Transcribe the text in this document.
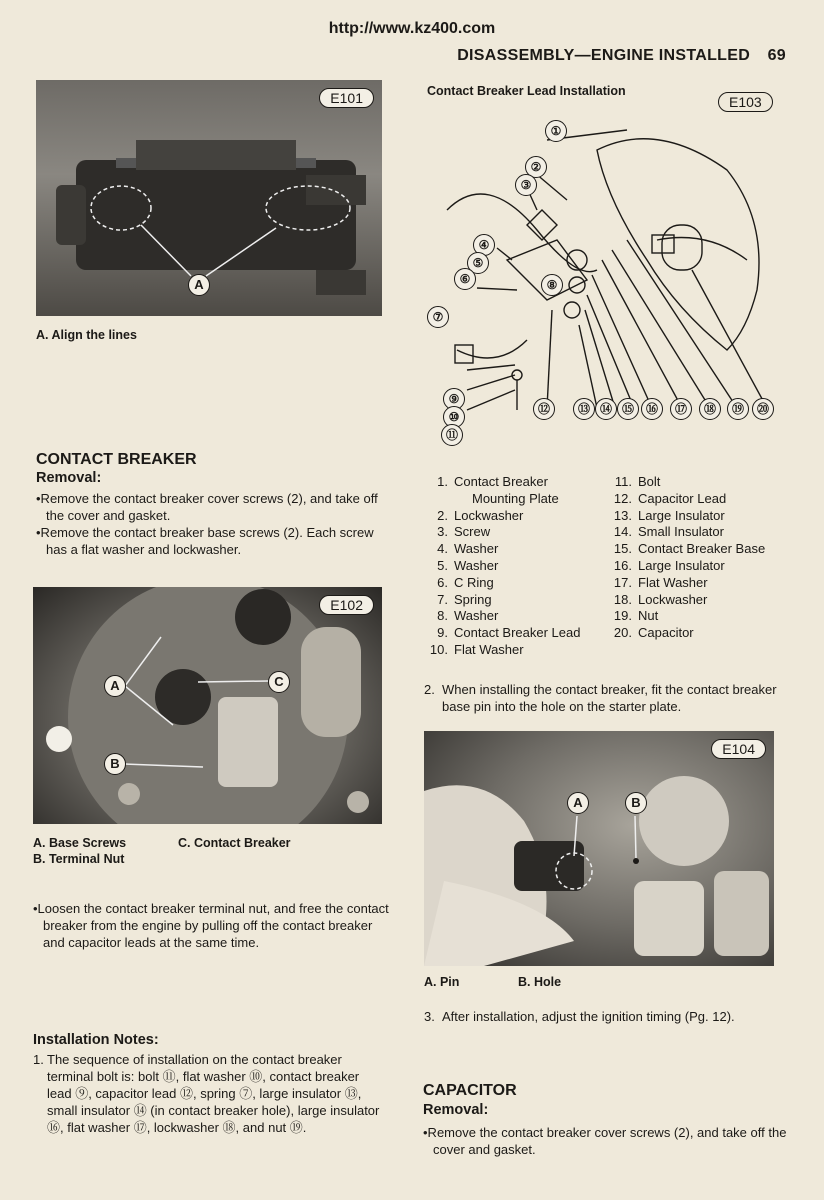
http://www.kz400.com
DISASSEMBLY—ENGINE INSTALLED 69
E101
A
A. Align the lines
CONTACT BREAKER
Removal:
•Remove the contact breaker cover screws (2), and take off the cover and gasket.
•Remove the contact breaker base screws (2). Each screw has a flat washer and lockwasher.
E102
A
B
C
A. Base Screws
B. Terminal Nut
C. Contact Breaker
•Loosen the contact breaker terminal nut, and free the contact breaker from the engine by pulling off the contact breaker and capacitor leads at the same time.
Installation Notes:
1. The sequence of installation on the contact breaker terminal bolt is: bolt ⑪, flat washer ⑩, contact breaker lead ⑨, capacitor lead ⑫, spring ⑦, large insulator ⑬, small insulator ⑭ (in contact breaker hole), large insulator ⑯, flat washer ⑰, lockwasher ⑱, and nut ⑲.
Contact Breaker Lead Installation
E103
①
②
③
④
⑤
⑥
⑦
⑧
⑨
⑩
⑪
⑫	⑬ ⑭ ⑮ ⑯	⑰	⑱	⑲	⑳
1. Contact Breaker
Mounting Plate
2. Lockwasher
3. Screw
4. Washer
5. Washer
6. C Ring
7. Spring
8. Washer
9. Contact Breaker Lead
10. Flat Washer
11. Bolt
12. Capacitor Lead
13. Large Insulator
14. Small Insulator
15. Contact Breaker Base
16. Large Insulator
17. Flat Washer
18. Lockwasher
19. Nut
20. Capacitor
2. When installing the contact breaker, fit the contact breaker base pin into the hole on the starter plate.
E104
A	B
A. Pin	B. Hole
3. After installation, adjust the ignition timing (Pg. 12).
CAPACITOR
Removal:
•Remove the contact breaker cover screws (2), and take off the cover and gasket.
